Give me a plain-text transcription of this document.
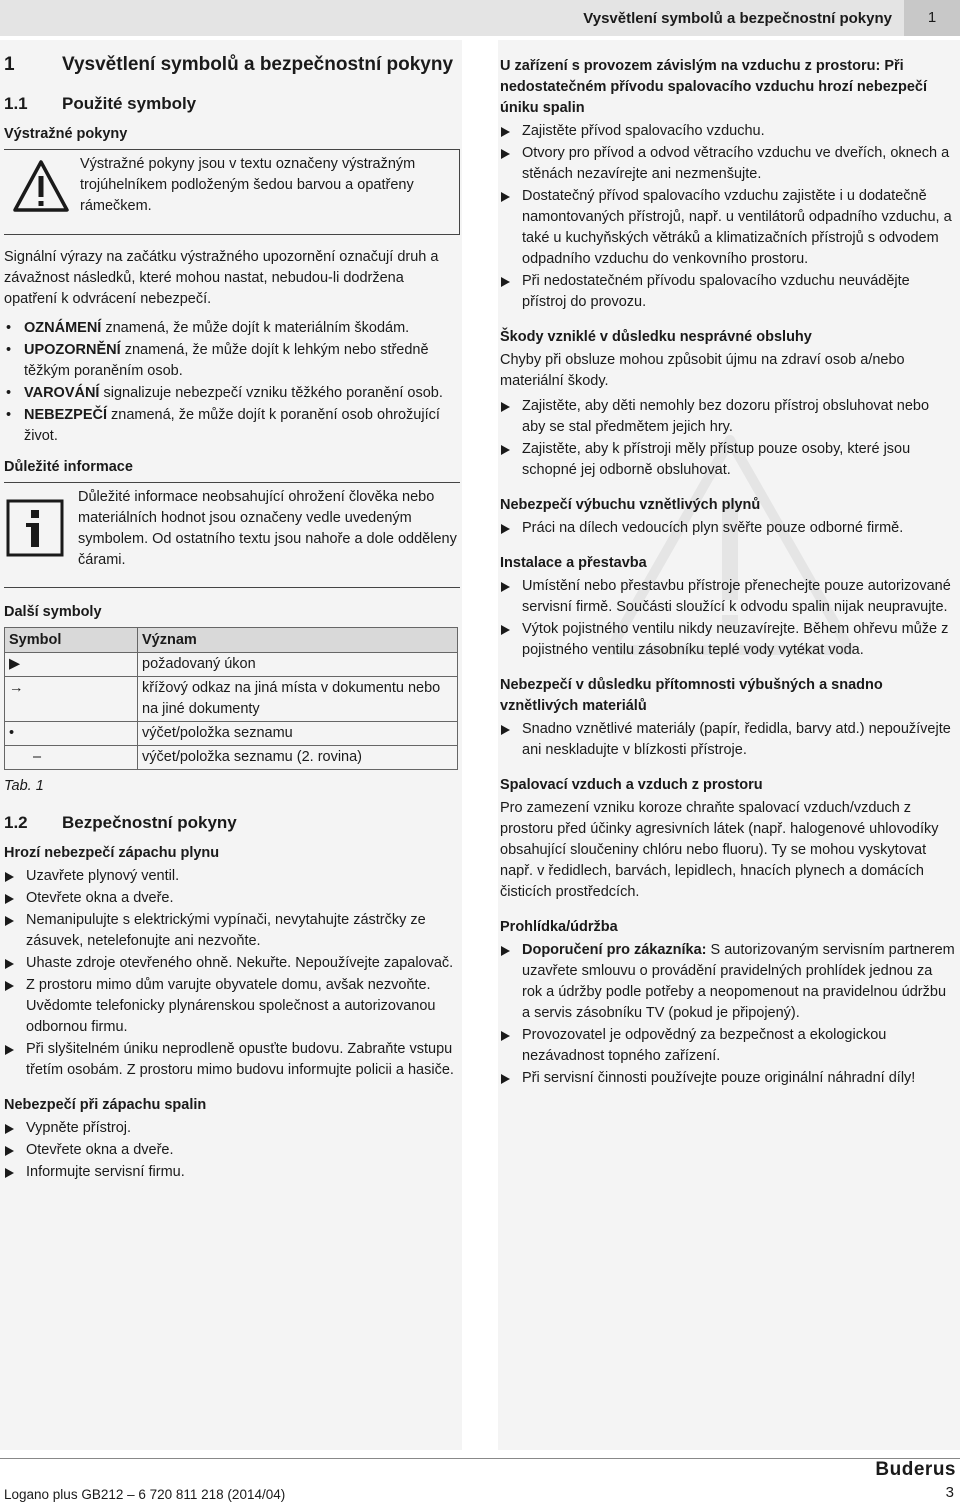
Vysvětlení symbolů a bezpečnostní pokyny	1
1 Vysvětlení symbolů a bezpečnostní pokyny
1.1 Použité symboly
Výstražné pokyny
Výstražné pokyny jsou v textu označeny výstražným trojúhelníkem podloženým šedou barvou a opatřeny rámečkem.

Signální výrazy na začátku výstražného upozornění označují druh a závažnost následků, které mohou nastat, nebudou-li dodržena opatření k odvrácení nebezpečí.

• OZNÁMENÍ znamená, že může dojít k materiálním škodám.
• UPOZORNĚNÍ znamená, že může dojít k lehkým nebo středně těžkým poraněním osob.
• VAROVÁNÍ signalizuje nebezpečí vzniku těžkého poranění osob.
• NEBEZPEČÍ znamená, že může dojít k poranění osob ohrožující život.
Důležité informace
Důležité informace neobsahující ohrožení člověka nebo materiálních hodnot jsou označeny vedle uvedeným symbolem. Od ostatního textu jsou nahoře a dole odděleny čárami.
Další symboly
Symbol	Význam
▶	požadovaný úkon
→	křížový odkaz na jiná místa v dokumentu nebo na jiné dokumenty
•	výčet/položka seznamu
–	výčet/položka seznamu (2. rovina)
Tab. 1
1.2 Bezpečnostní pokyny
Hrozí nebezpečí zápachu plynu
Uzavřete plynový ventil.
Otevřete okna a dveře.
Nemanipulujte s elektrickými vypínači, nevytahujte zástrčky ze zásuvek, netelefonujte ani nezvoňte.
Uhaste zdroje otevřeného ohně. Nekuřte. Nepoužívejte zapalovač.
Z prostoru mimo dům varujte obyvatele domu, avšak nezvoňte. Uvědomte telefonicky plynárenskou společnost a autorizovanou odbornou firmu.
Při slyšitelném úniku neprodleně opusťte budovu. Zabraňte vstupu třetím osobám. Z prostoru mimo budovu informujte policii a hasiče.
Nebezpečí při zápachu spalin
Vypněte přístroj.
Otevřete okna a dveře.
Informujte servisní firmu.
U zařízení s provozem závislým na vzduchu z prostoru: Při nedostatečném přívodu spalovacího vzduchu hrozí nebezpečí úniku spalin
Zajistěte přívod spalovacího vzduchu.
Otvory pro přívod a odvod větracího vzduchu ve dveřích, oknech a stěnách nezavírejte ani nezmenšujte.
Dostatečný přívod spalovacího vzduchu zajistěte i u dodatečně namontovaných přístrojů, např. u ventilátorů odpadního vzduchu, a také u kuchyňských větráků a klimatizačních přístrojů s odvodem odpadního vzduchu do venkovního prostoru.
Při nedostatečném přívodu spalovacího vzduchu neuvádějte přístroj do provozu.
Škody vzniklé v důsledku nesprávné obsluhy

Chyby při obsluze mohou způsobit újmu na zdraví osob a/nebo materiální škody.

Zajistěte, aby děti nemohly bez dozoru přístroj obsluhovat nebo aby se stal předmětem jejich hry.
Zajistěte, aby k přístroji měly přístup pouze osoby, které jsou schopné jej odborně obsluhovat.
Nebezpečí výbuchu vznětlivých plynů
Práci na dílech vedoucích plyn svěřte pouze odborné firmě.
Instalace a přestavba
Umístění nebo přestavbu přístroje přenechejte pouze autorizované servisní firmě. Součásti sloužící k odvodu spalin nijak neupravujte.
Výtok pojistného ventilu nikdy neuzavírejte. Během ohřevu může z pojistného ventilu zásobníku teplé vody vytékat voda.
Nebezpečí v důsledku přítomnosti výbušných a snadno vznětlivých materiálů
Snadno vznětlivé materiály (papír, ředidla, barvy atd.) nepoužívejte ani neskladujte v blízkosti přístroje.
Spalovací vzduch a vzduch z prostoru

Pro zamezení vzniku koroze chraňte spalovací vzduch/vzduch z prostoru před účinky agresivních látek (např. halogenové uhlovodíky obsahující sloučeniny chlóru nebo fluoru). Ty se mohou vyskytovat např. v ředidlech, barvách, lepidlech, hnacích plynech a domácích čisticích prostředcích.

Prohlídka/údržba
Doporučení pro zákazníka: S autorizovaným servisním partnerem uzavřete smlouvu o provádění pravidelných prohlídek jednou za rok a údržby podle potřeby a neopomenout na pravidelnou údržbu a servis zásobníku TV (pokud je připojený).
Provozovatel je odpovědný za bezpečnost a ekologickou nezávadnost topného zařízení.
Při servisní činnosti používejte pouze originální náhradní díly!
Buderus
Logano plus GB212 – 6 720 811 218 (2014/04)	3
